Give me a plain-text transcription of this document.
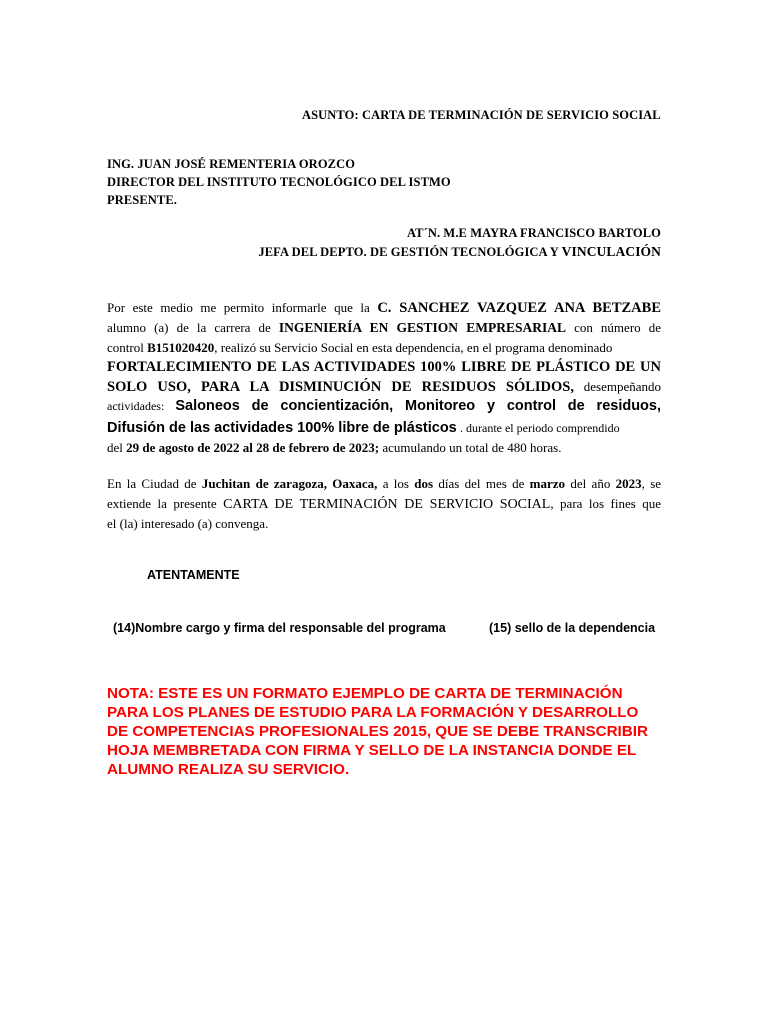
ASUNTO: CARTA DE TERMINACIÓN DE SERVICIO SOCIAL
ING. JUAN JOSÉ REMENTERIA OROZCO
DIRECTOR DEL INSTITUTO TECNOLÓGICO DEL ISTMO
PRESENTE.
AT´N. M.E MAYRA FRANCISCO BARTOLO
JEFA DEL DEPTO. DE GESTIÓN TECNOLÓGICA Y VINCULACIÓN
Por este medio me permito informarle que la C. SANCHEZ VAZQUEZ ANA BETZABE
alumno (a) de la carrera de INGENIERÍA EN GESTION EMPRESARIAL con número de
control B151020420, realizó su Servicio Social en esta dependencia, en el programa denominado
FORTALECIMIENTO DE LAS ACTIVIDADES 100% LIBRE DE PLÁSTICO DE UN
SOLO USO, PARA LA DISMINUCIÓN DE RESIDUOS SÓLIDOS, desempeñando
actividades: Saloneos de concientización, Monitoreo y control de residuos,
Difusión de las actividades 100% libre de plásticos . durante el periodo comprendido
del 29 de agosto de 2022 al 28 de febrero de 2023; acumulando un total de 480 horas.
En la Ciudad de Juchitan de zaragoza, Oaxaca, a los dos días del mes de marzo del año 2023, se
extiende la presente CARTA DE TERMINACIÓN DE SERVICIO SOCIAL, para los fines que
el (la) interesado (a) convenga.
ATENTAMENTE
(14)Nombre cargo y firma del responsable del programa	(15) sello de la dependencia
NOTA: ESTE ES UN FORMATO EJEMPLO DE CARTA DE TERMINACIÓN
PARA LOS PLANES DE ESTUDIO PARA LA FORMACIÓN Y DESARROLLO
DE COMPETENCIAS PROFESIONALES 2015, QUE SE DEBE TRANSCRIBIR
HOJA MEMBRETADA CON FIRMA Y SELLO DE LA INSTANCIA DONDE EL
ALUMNO REALIZA SU SERVICIO.
